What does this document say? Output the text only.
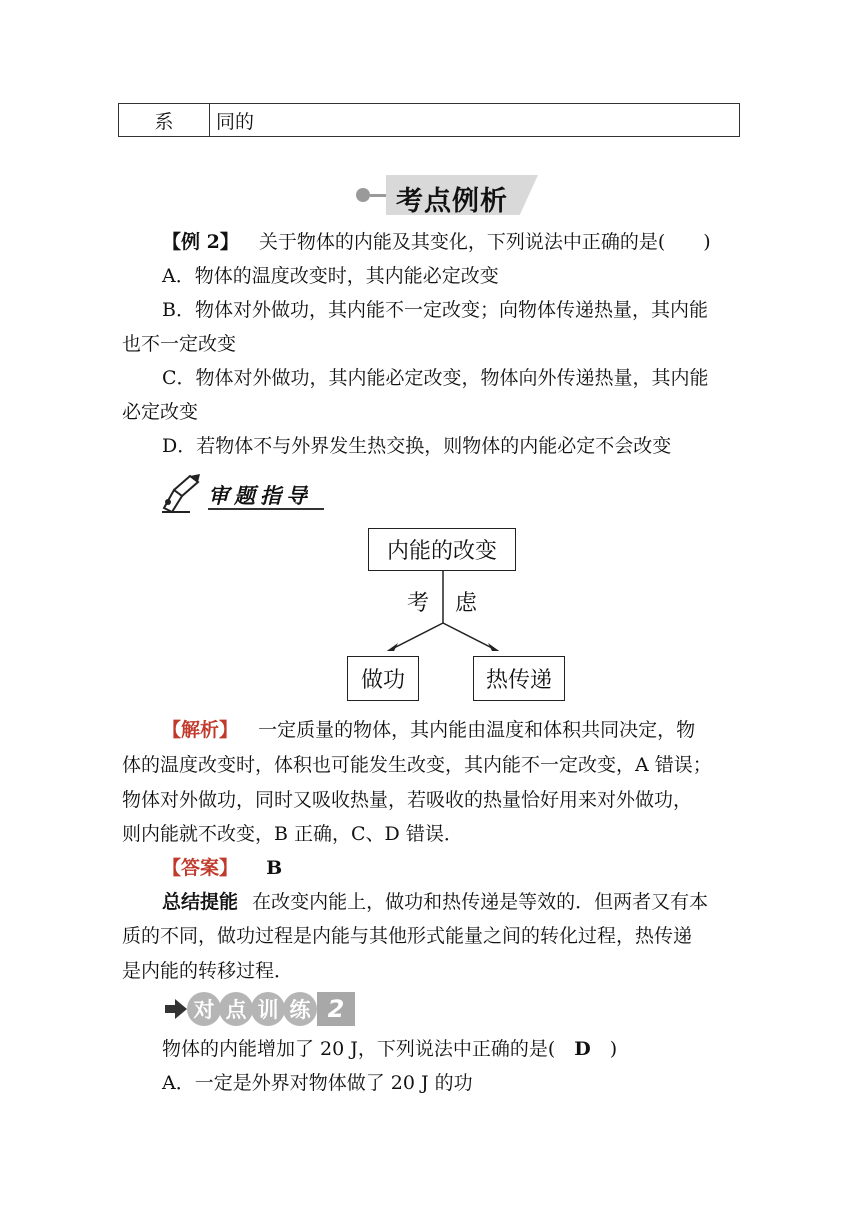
系	同的
考点例析
【例 2】 关于物体的内能及其变化，下列说法中正确的是(　　)
A．物体的温度改变时，其内能必定改变
B．物体对外做功，其内能不一定改变；向物体传递热量，其内能
也不一定改变
C．物体对外做功，其内能必定改变，物体向外传递热量，其内能
必定改变
D．若物体不与外界发生热交换，则物体的内能必定不会改变
审题指导
内能的改变
考 虑
做功	热传递
【解析】 一定质量的物体，其内能由温度和体积共同决定，物
体的温度改变时，体积也可能发生改变，其内能不一定改变，A 错误；
物体对外做功，同时又吸收热量，若吸收的热量恰好用来对外做功，
则内能就不改变，B 正确，C、D 错误．
【答案】 B
总结提能 在改变内能上，做功和热传递是等效的．但两者又有本
质的不同，做功过程是内能与其他形式能量之间的转化过程，热传递
是内能的转移过程．
对 点 训 练 2
物体的内能增加了 20 J，下列说法中正确的是(　D　)
A．一定是外界对物体做了 20 J 的功
